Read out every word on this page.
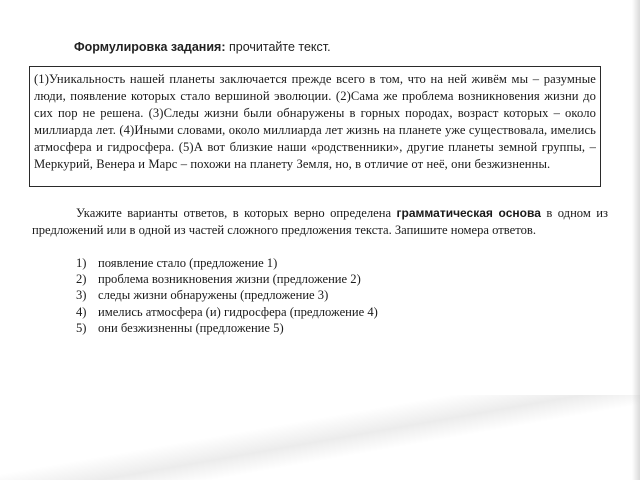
Формулировка задания: прочитайте текст.

(1)Уникальность нашей планеты заключается прежде всего в том, что на ней живём мы – разумные люди, появление которых стало вершиной эволюции. (2)Сама же проблема возникновения жизни до сих пор не решена. (3)Следы жизни были обнаружены в горных породах, возраст которых – около миллиарда лет. (4)Иными словами, около миллиарда лет жизнь на планете уже существовала, имелись атмосфера и гидросфера. (5)А вот близкие наши «родственники», другие планеты земной группы, – Меркурий, Венера и Марс – похожи на планету Земля, но, в отличие от неё, они безжизненны.

Укажите варианты ответов, в которых верно определена грамматическая основа в одном из предложений или в одной из частей сложного предложения текста. Запишите номера ответов.

1) появление стало (предложение 1)
2) проблема возникновения жизни (предложение 2)
3) следы жизни обнаружены (предложение 3)
4) имелись атмосфера (и) гидросфера (предложение 4)
5) они безжизненны (предложение 5)
